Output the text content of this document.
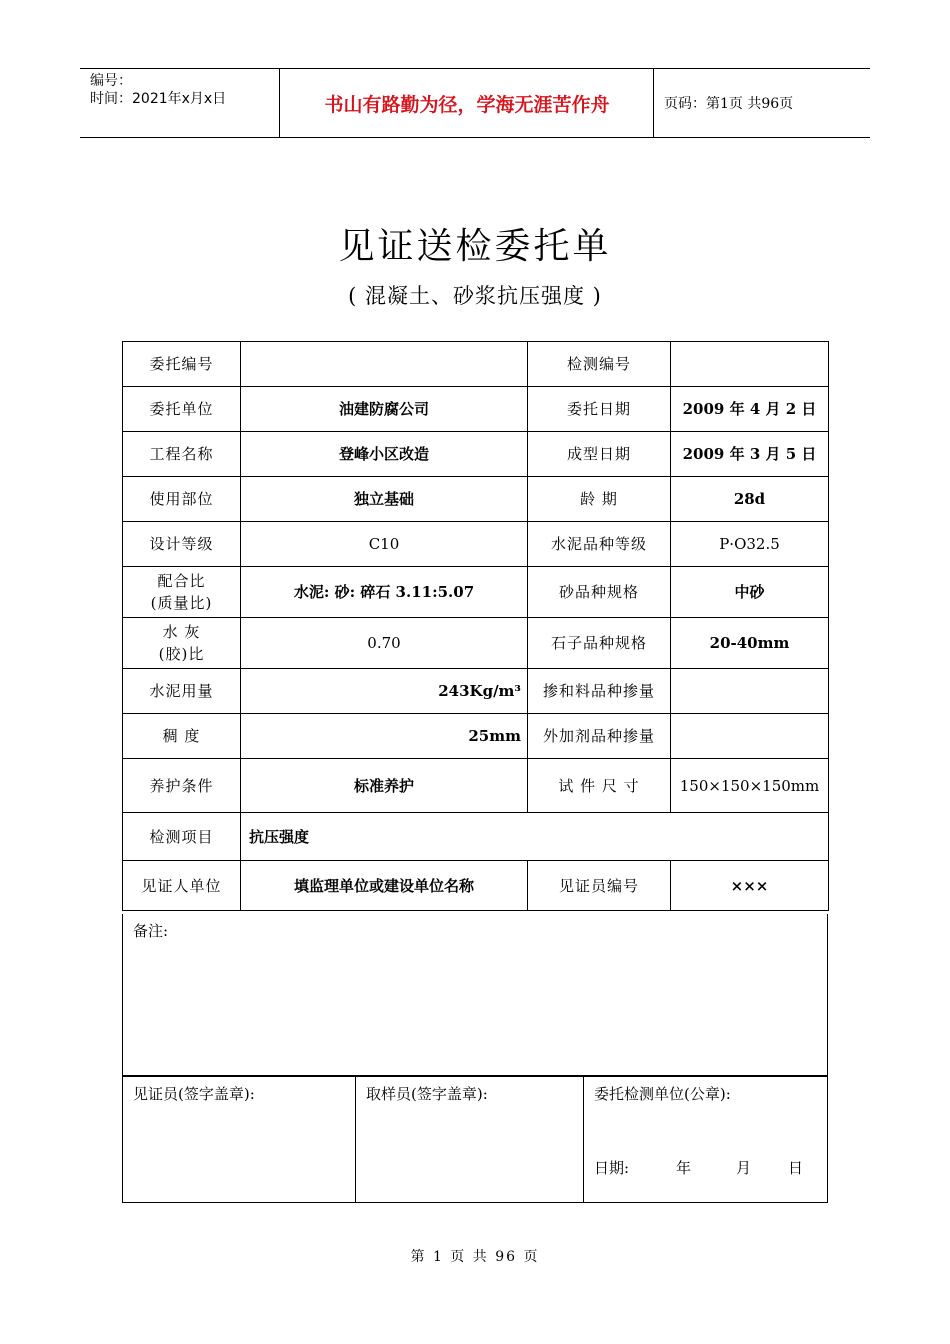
编号：
时间：2021年x月x日	书山有路勤为径，学海无涯苦作舟	页码：第1页 共96页
见证送检委托单
( 混凝土、砂浆抗压强度 )
委托编号		检测编号	
委托单位	油建防腐公司	委托日期	2009 年 4 月 2 日
工程名称	登峰小区改造	成型日期	2009 年 3 月 5 日
使用部位	独立基础	龄 期	28d
设计等级	C10	水泥品种等级	P·O32.5

配合比
(质量比)	水泥: 砂: 碎石 3.11:5.07	砂品种规格	中砂

水 灰
(胶)比	0.70	石子品种规格	20-40mm
水泥用量	243Kg/m³	掺和料品种掺量	
稠 度	25mm	外加剂品种掺量	
养护条件	标准养护	试 件 尺 寸	150×150×150mm
检测项目	抗压强度		
见证人单位	填监理单位或建设单位名称	见证员编号	×××
备注:
见证员(签字盖章):	取样员(签字盖章):	委托检测单位(公章):
日期:	年	月	日
第 1 页 共 96 页
